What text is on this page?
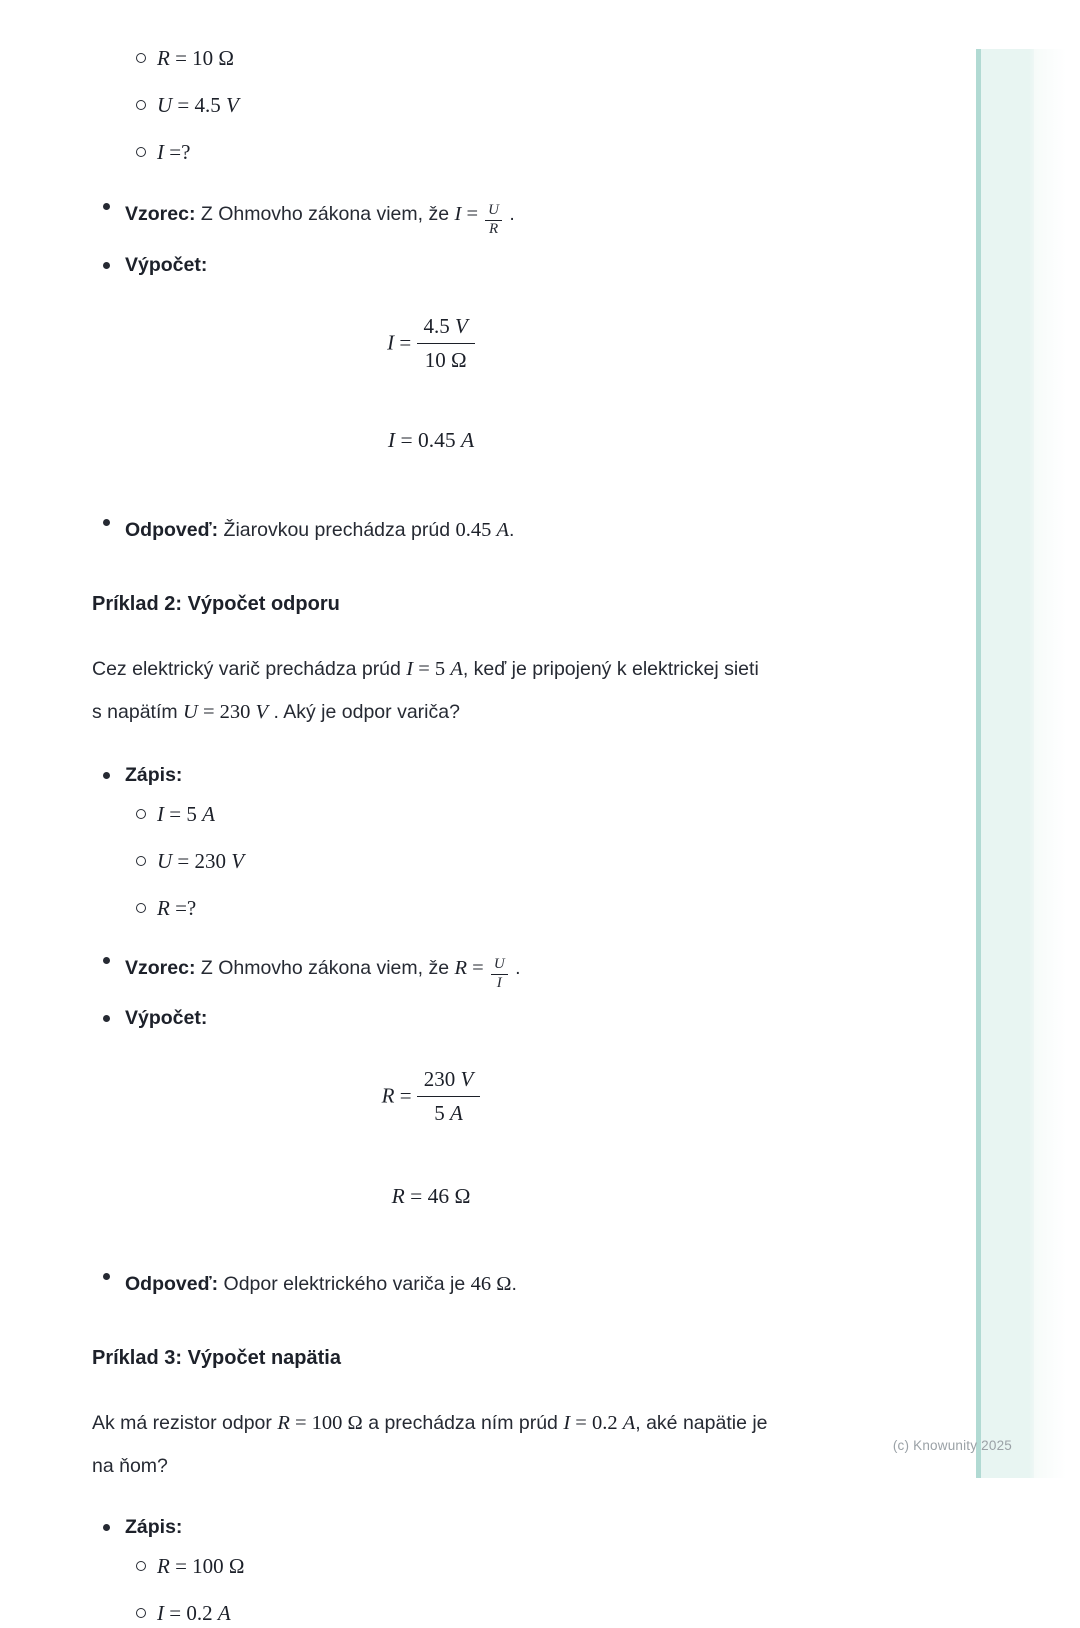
(c) Knowunity 2025
R = 10 Ω
U = 4.5 V
I =?
Vzorec: Z Ohmovho zákona viem, že $I = \frac{U}{R}$ .
Výpočet:
$I = \frac{4.5 V}{10 \Omega}$
I = 0.45 A
Odpoveď: Žiarovkou prechádza prúd 0.45 A.
Príklad 2: Výpočet odporu
Cez elektrický varič prechádza prúd I = 5 A, keď je pripojený k elektrickej sieti
s napätím U = 230 V . Aký je odpor variča?
Zápis:
I = 5 A
U = 230 V
R =?
Vzorec: Z Ohmovho zákona viem, že $R = \frac{U}{I}$ .
Výpočet:
$R = \frac{230 V}{5 A}$
R = 46 Ω
Odpoveď: Odpor elektrického variča je 46 Ω.
Príklad 3: Výpočet napätia
Ak má rezistor odpor R = 100 Ω a prechádza ním prúd I = 0.2 A, aké napätie je
na ňom?
Zápis:
R = 100 Ω
I = 0.2 A
